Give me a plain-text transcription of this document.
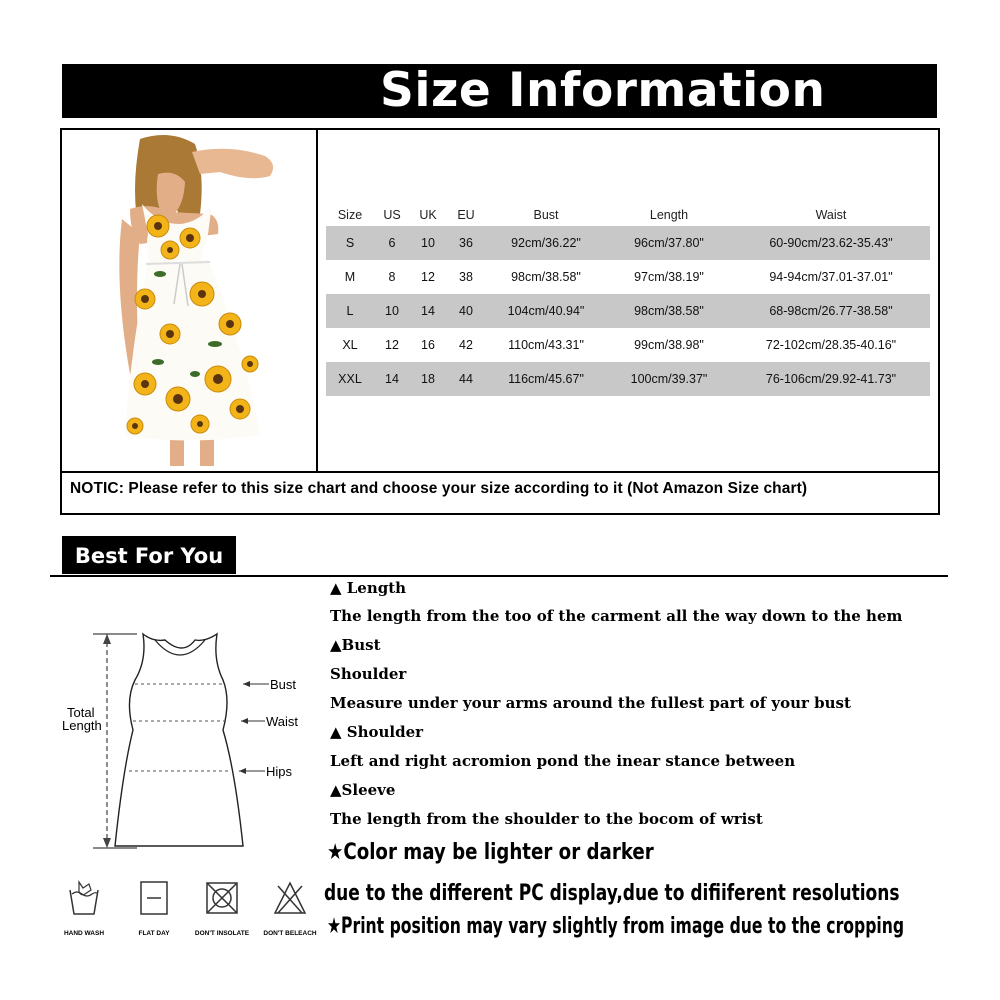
Size Information
Size	US	UK	EU	Bust	Length	Waist
S	6	10	36	92cm/36.22"	96cm/37.80"	60-90cm/23.62-35.43"
M	8	12	38	98cm/38.58"	97cm/38.19"	94-94cm/37.01-37.01"
L	10	14	40	104cm/40.94"	98cm/38.58"	68-98cm/26.77-38.58"
XL	12	16	42	110cm/43.31"	99cm/38.98"	72-102cm/28.35-40.16"
XXL	14	18	44	116cm/45.67"	100cm/39.37"	76-106cm/29.92-41.73"
NOTIC: Please refer to this size chart and choose your size according to it (Not Amazon Size chart)
Best For You
Total
Length
Bust
Waist
Hips
HAND WASH	FLAT DAY	DON'T INSOLATE	DON'T BELEACH
▲ Length
The length from the too of the carment all the way down to the hem
▲Bust
Shoulder
Measure under your arms around the fullest part of your bust
▲ Shoulder
Left and right acromion pond the inear stance between
▲Sleeve
The length from the shoulder to the bocom of wrist
★Color may be lighter or darker
due to the different PC display,due to difiiferent resolutions
★Print position may vary slightly from image due to the cropping
